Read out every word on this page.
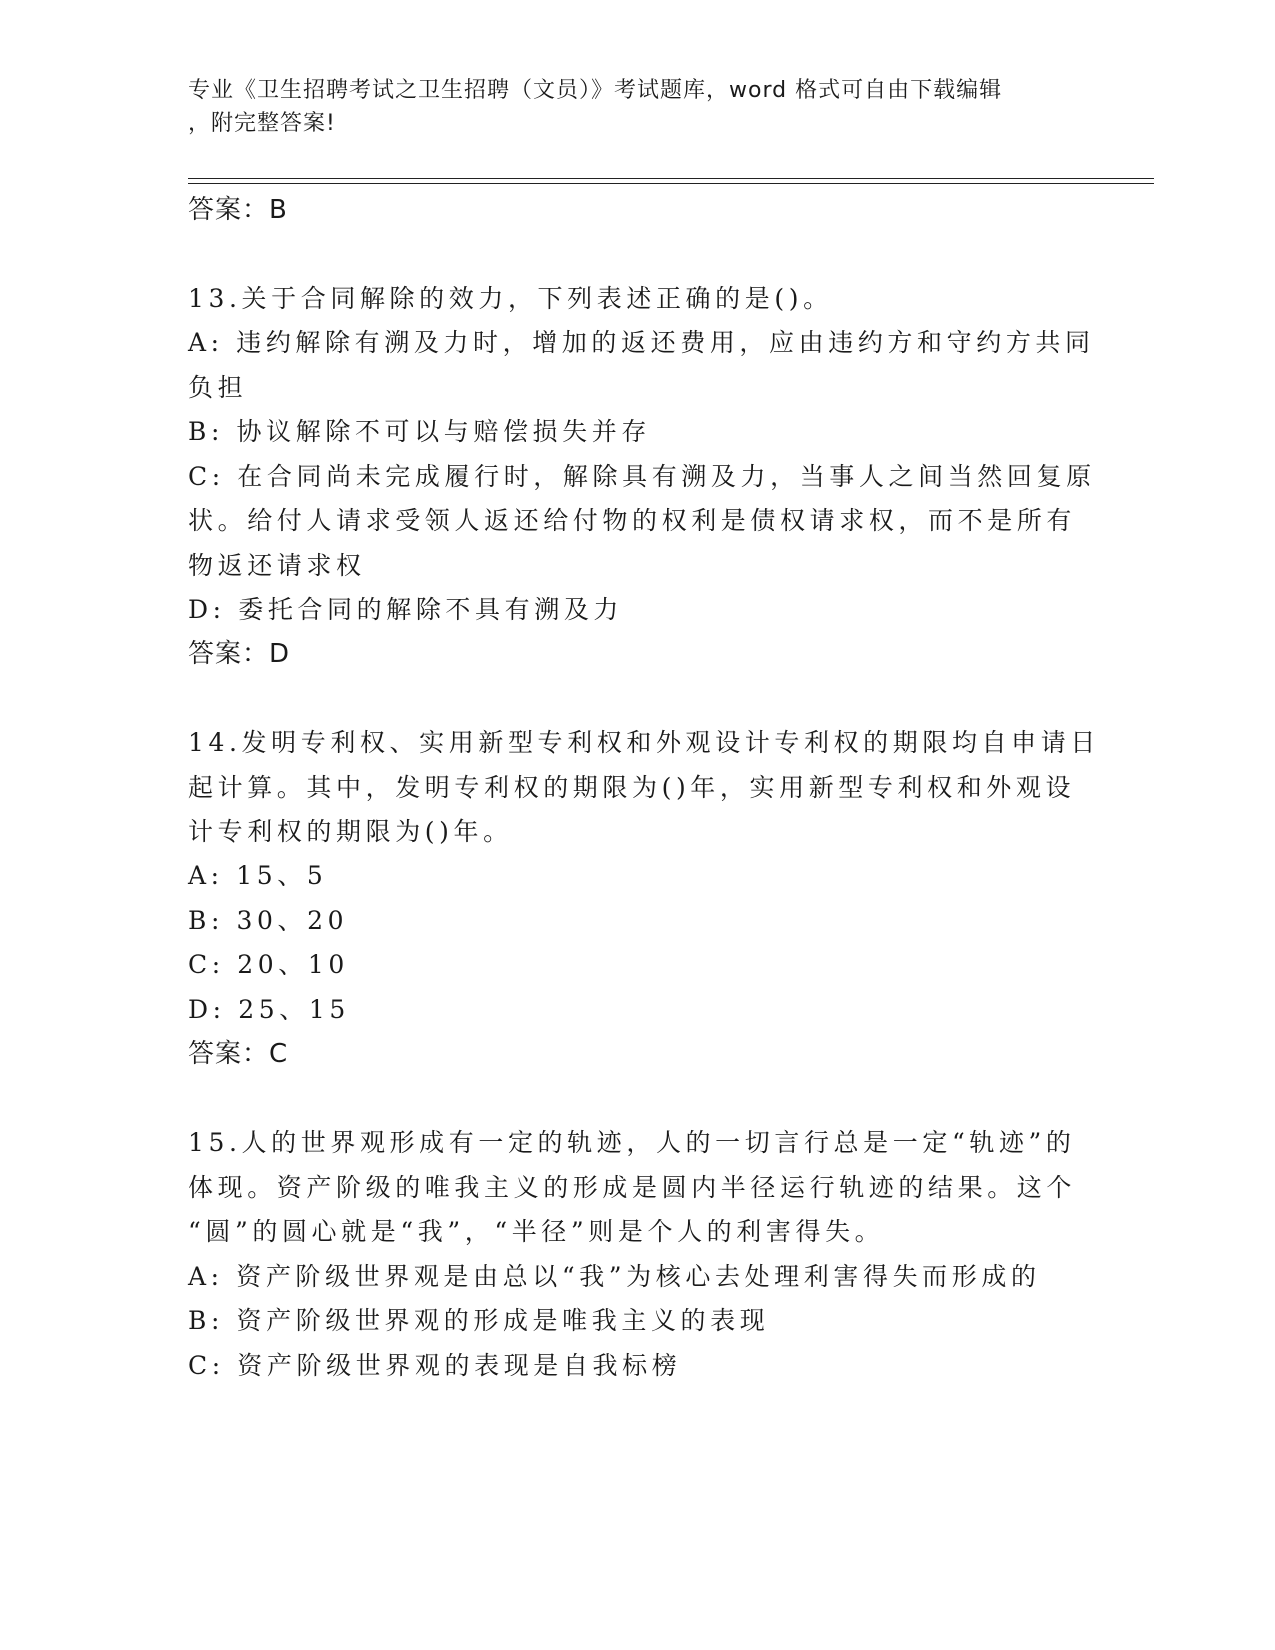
专业《卫生招聘考试之卫生招聘（文员）》考试题库，word 格式可自由下载编辑
，附完整答案!
答案：B
13.关于合同解除的效力，下列表述正确的是()。
A: 违约解除有溯及力时，增加的返还费用，应由违约方和守约方共同
负担
B: 协议解除不可以与赔偿损失并存
C: 在合同尚未完成履行时，解除具有溯及力，当事人之间当然回复原
状。给付人请求受领人返还给付物的权利是债权请求权，而不是所有
物返还请求权
D: 委托合同的解除不具有溯及力
答案：D
14.发明专利权、实用新型专利权和外观设计专利权的期限均自申请日
起计算。其中，发明专利权的期限为()年，实用新型专利权和外观设
计专利权的期限为()年。
A: 15、5
B: 30、20
C: 20、10
D: 25、15
答案：C
15.人的世界观形成有一定的轨迹，人的一切言行总是一定“轨迹”的
体现。资产阶级的唯我主义的形成是圆内半径运行轨迹的结果。这个
“圆”的圆心就是“我”，“半径”则是个人的利害得失。
A: 资产阶级世界观是由总以“我”为核心去处理利害得失而形成的
B: 资产阶级世界观的形成是唯我主义的表现
C: 资产阶级世界观的表现是自我标榜
